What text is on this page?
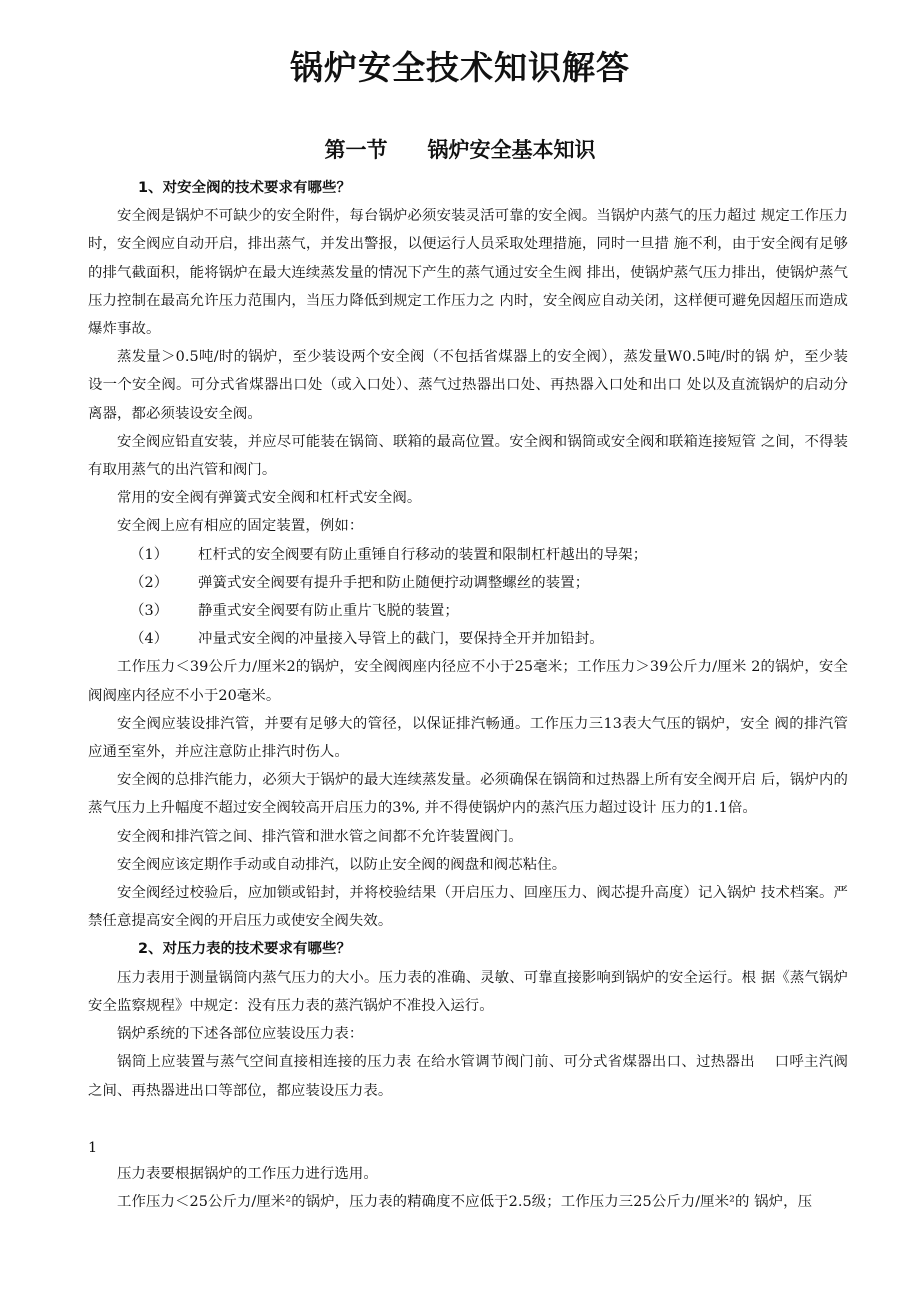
锅炉安全技术知识解答
第一节 锅炉安全基本知识

1、对安全阀的技术要求有哪些？

安全阀是锅炉不可缺少的安全附件，每台锅炉必须安装灵活可靠的安全阀。当锅炉内蒸气的压力超过 规定工作压力时，安全阀应自动开启，排出蒸气，并发出警报，以便运行人员采取处理措施，同时一旦措 施不利，由于安全阀有足够的排气截面积，能将锅炉在最大连续蒸发量的情况下产生的蒸气通过安全生阀 排出，使锅炉蒸气压力排出，使锅炉蒸气压力控制在最高允许压力范围内，当压力降低到规定工作压力之 内时，安全阀应自动关闭，这样便可避免因超压而造成爆炸事故。

蒸发量＞0.5吨/时的锅炉，至少装设两个安全阀（不包括省煤器上的安全阀），蒸发量W0.5吨/时的锅 炉，至少装设一个安全阀。可分式省煤器出口处（或入口处）、蒸气过热器出口处、再热器入口处和出口 处以及直流锅炉的启动分离器，都必须装设安全阀。

安全阀应铅直安装，并应尽可能装在锅筒、联箱的最高位置。安全阀和锅筒或安全阀和联箱连接短管 之间，不得装有取用蒸气的出汽管和阀门。

常用的安全阀有弹簧式安全阀和杠杆式安全阀。

安全阀上应有相应的固定装置，例如：

（1）	杠杆式的安全阀要有防止重锤自行移动的装置和限制杠杆越出的导架；
（2）	弹簧式安全阀要有提升手把和防止随便拧动调整螺丝的装置；
（3）	静重式安全阀要有防止重片飞脱的装置；
（4）	冲量式安全阀的冲量接入导管上的截门，要保持全开并加铅封。

工作压力＜39公斤力/厘米2的锅炉，安全阀阀座内径应不小于25毫米；工作压力＞39公斤力/厘米 2的锅炉，安全阀阀座内径应不小于20毫米。

安全阀应装设排汽管，并要有足够大的管径，以保证排汽畅通。工作压力三13表大气压的锅炉，安全 阀的排汽管应通至室外，并应注意防止排汽时伤人。

安全阀的总排汽能力，必须大于锅炉的最大连续蒸发量。必须确保在锅筒和过热器上所有安全阀开启 后，锅炉内的蒸气压力上升幅度不超过安全阀较高开启压力的3%, 并不得使锅炉内的蒸汽压力超过设计 压力的1.1倍。

安全阀和排汽管之间、排汽管和泄水管之间都不允许装置阀门。

安全阀应该定期作手动或自动排汽，以防止安全阀的阀盘和阀芯粘住。

安全阀经过校验后，应加锁或铅封，并将校验结果（开启压力、回座压力、阀芯提升高度）记入锅炉 技术档案。严禁任意提高安全阀的开启压力或使安全阀失效。

2、对压力表的技术要求有哪些？

压力表用于测量锅筒内蒸气压力的大小。压力表的准确、灵敏、可靠直接影响到锅炉的安全运行。根 据《蒸气锅炉安全监察规程》中规定：没有压力表的蒸汽锅炉不准投入运行。

锅炉系统的下述各部位应装设压力表：

锅筒上应装置与蒸气空间直接相连接的压力表 在给水管调节阀门前、可分式省煤器出口、过热器出　 口呼主汽阀之间、再热器进出口等部位，都应装设压力表。

1

压力表要根据锅炉的工作压力进行选用。

工作压力＜25公斤力/厘米²的锅炉，压力表的精确度不应低于2.5级；工作压力三25公斤力/厘米²的 锅炉，压
